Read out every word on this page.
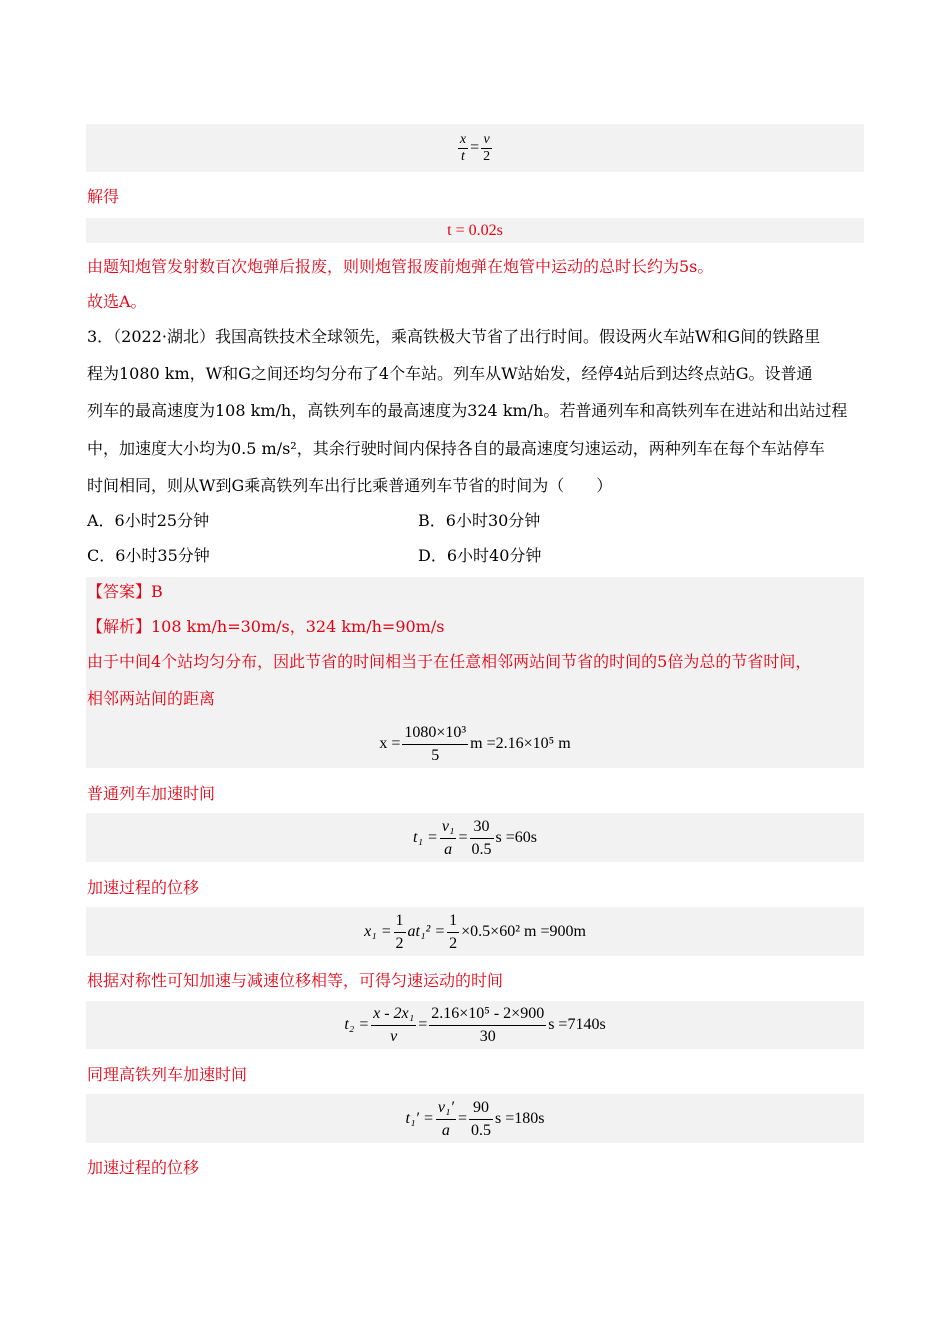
$\frac{x}{t} = \frac{v}{2}$
解得
t = 0.02s
由题知炮管发射数百次炮弹后报废，则则炮管报废前炮弹在炮管中运动的总时长约为5s。
故选A。
3．（2022·湖北）我国高铁技术全球领先，乘高铁极大节省了出行时间。假设两火车站W和G间的铁路里
程为1080 km，W和G之间还均匀分布了4个车站。列车从W站始发，经停4站后到达终点站G。设普通
列车的最高速度为108 km/h，高铁列车的最高速度为324 km/h。若普通列车和高铁列车在进站和出站过程
中，加速度大小均为0.5 m/s²，其余行驶时间内保持各自的最高速度匀速运动，两种列车在每个车站停车
时间相同，则从W到G乘高铁列车出行比乘普通列车节省的时间为（　　）
A．6小时25分钟	B．6小时30分钟
C．6小时35分钟	D．6小时40分钟
【答案】B
【解析】108 km/h=30m/s，324 km/h=90m/s
由于中间4个站均匀分布，因此节省的时间相当于在任意相邻两站间节省的时间的5倍为总的节省时间，
相邻两站间的距离
$x = \frac{\text{1080×10³}}{5}$ m =2.16×10⁵ m
普通列车加速时间
$t_1 = \frac{\text{v₁}}{a} = \frac{30}{0.5}$ s =60s
加速过程的位移
$x_1 = \frac{1}{2} at_1^2 = \frac{1}{2} \times 0.5\times 60^2$ m =900m
根据对称性可知加速与减速位移相等，可得匀速运动的时间
$t_2 = \frac{\text{x - 2x₁}}{v} = \frac{\text{2.16×10⁵ - 2×900}}{30}$ s =7140s
同理高铁列车加速时间
$t_1' = \frac{\text{v₁′}}{a} = \frac{90}{0.5}$ s =180s
加速过程的位移
